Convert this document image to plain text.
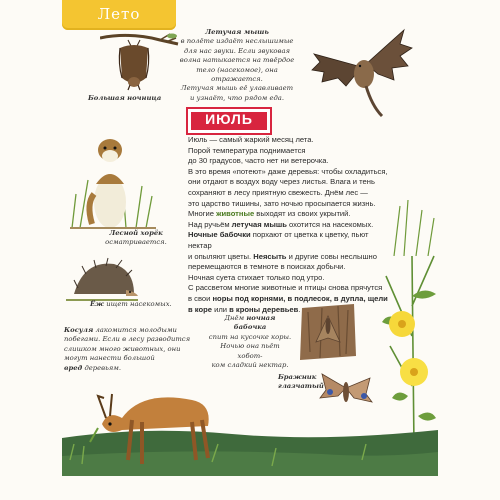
Лето
Большая ночница
Летучая мышь
в полёте издаёт неслышимые
для нас звуки. Если звуковая
волна натыкается на твёрдое
тело (насекомое), она отражается.
Летучая мышь её улавливает
и узнаёт, что рядом еда.
ИЮЛЬ
Лесной хорёк
осматривается.
Ёж ищет насекомых.
Косуля лакомится молодыми
побегами. Если в лесу разводится
слишком много животных, они
могут нанести большой
вред деревьям.
Днём ночная бабочка
спит на кусочке коры.
Ночью она пьёт хобот-
ком сладкий нектар.
Бражник
глазчатый

Июль — самый жаркий месяц лета.

Порой температура поднимается

до 30 градусов, часто нет ни ветерочка.

В это время «потеют» даже деревья: чтобы охладиться,

они отдают в воздух воду через листья. Влага и тень

сохраняют в лесу приятную свежесть. Днём лес —

это царство тишины, зато ночью просыпается жизнь.

Многие животные выходят из своих укрытий.

Над ручьём летучая мышь охотится на насекомых.

Ночные бабочки порхают от цветка к цветку, пьют нектар

и опыляют цветы. Неясыть и другие совы неслышно

перемещаются в темноте в поисках добычи.

Ночная суета стихает только под утро.

С рассветом многие животные и птицы снова прячутся

в свои норы под корнями, в подлесок, в дупла, щели

в коре или в кроны деревьев.
